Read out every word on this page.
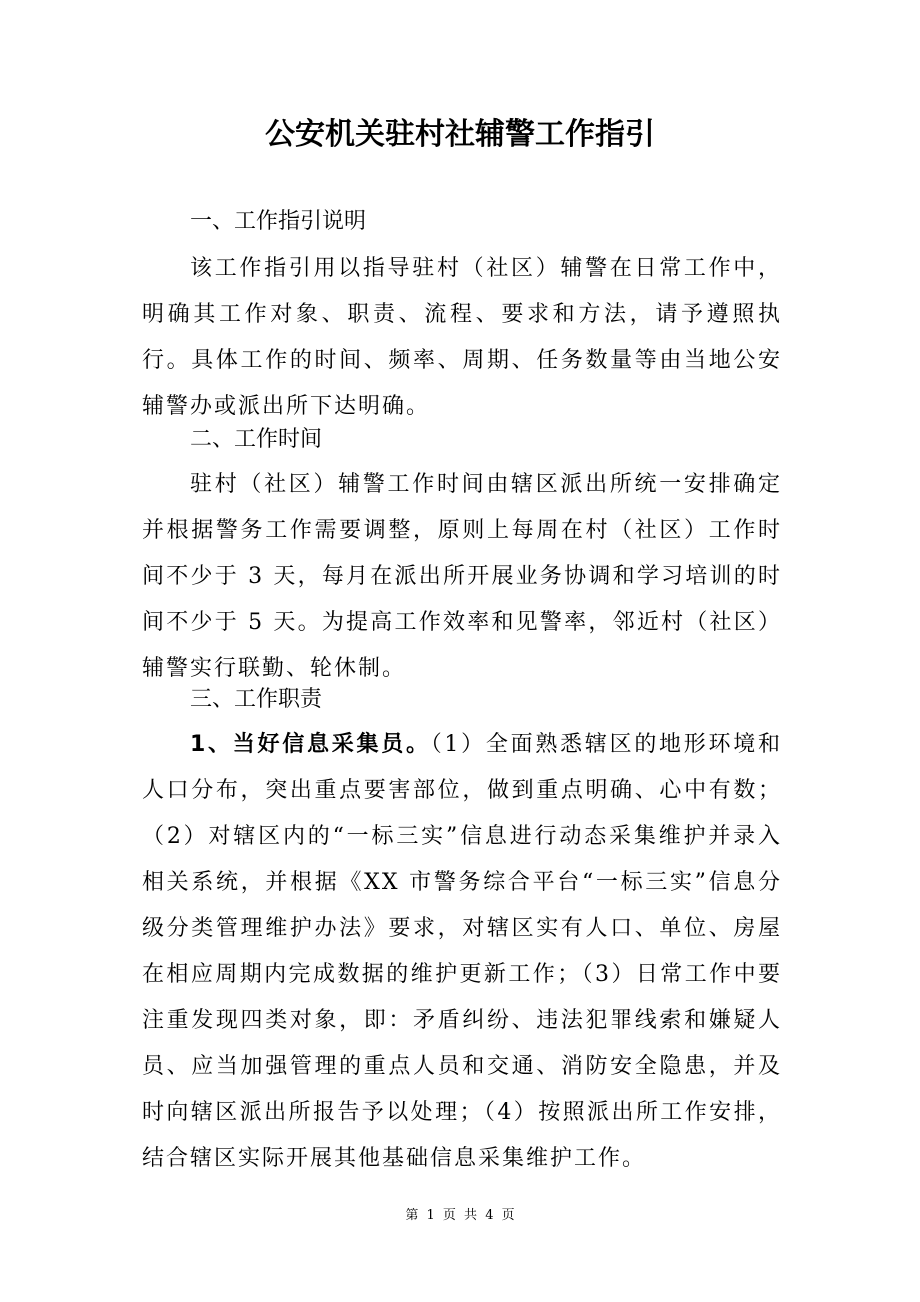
公安机关驻村社辅警工作指引
一、工作指引说明

该工作指引用以指导驻村（社区）辅警在日常工作中，明确其工作对象、职责、流程、要求和方法，请予遵照执行。具体工作的时间、频率、周期、任务数量等由当地公安辅警办或派出所下达明确。

二、工作时间

驻村（社区）辅警工作时间由辖区派出所统一安排确定并根据警务工作需要调整，原则上每周在村（社区）工作时间不少于 3 天，每月在派出所开展业务协调和学习培训的时间不少于 5 天。为提高工作效率和见警率，邻近村（社区）辅警实行联勤、轮休制。

三、工作职责

1、当好信息采集员。（1）全面熟悉辖区的地形环境和人口分布，突出重点要害部位，做到重点明确、心中有数；（2）对辖区内的“一标三实”信息进行动态采集维护并录入相关系统，并根据《XX 市警务综合平台“一标三实”信息分级分类管理维护办法》要求，对辖区实有人口、单位、房屋在相应周期内完成数据的维护更新工作；（3）日常工作中要注重发现四类对象，即：矛盾纠纷、违法犯罪线索和嫌疑人员、应当加强管理的重点人员和交通、消防安全隐患，并及时向辖区派出所报告予以处理；（4）按照派出所工作安排，结合辖区实际开展其他基础信息采集维护工作。

第 1 页 共 4 页
